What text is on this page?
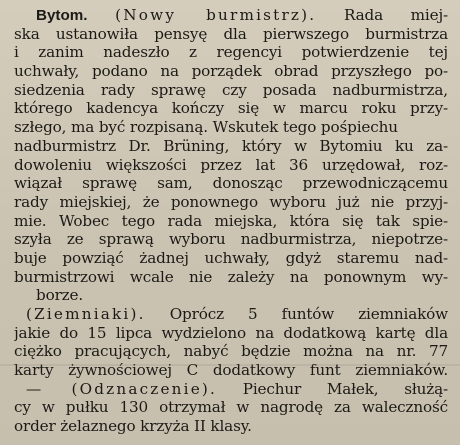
Bytom. (Nowy burmistrz). Rada miej-
ska ustanowiła pensyę dla pierwszego burmistrza
i zanim nadeszło z regencyi potwierdzenie tej
uchwały, podano na porządek obrad przyszłego po-
siedzenia rady sprawę czy posada nadburmistrza,
którego kadencya kończy się w marcu roku przy-
szłego, ma być rozpisaną. Wskutek tego pośpiechu
nadburmistrz Dr. Brüning, który w Bytomiu ku za-
dowoleniu większości przez lat 36 urzędował, roz-
wiązał sprawę sam, donosząc przewodniczącemu
rady miejskiej, że ponownego wyboru już nie przyj-
mie. Wobec tego rada miejska, która się tak spie-
szyła ze sprawą wyboru nadburmistrza, niepotrze-
buje powziąć żadnej uchwały, gdyż staremu nad-
burmistrzowi wcale nie zależy na ponownym wy-
borze.
(Ziemniaki). Oprócz 5 funtów ziemniaków
jakie do 15 lipca wydzielono na dodatkową kartę dla
ciężko pracujących, nabyć będzie można na nr. 77
karty żywnościowej C dodatkowy funt ziemniaków.
— (Odznaczenie). Piechur Małek, służą-
cy w pułku 130 otrzymał w nagrodę za waleczność
order żelaznego krzyża II klasy.
